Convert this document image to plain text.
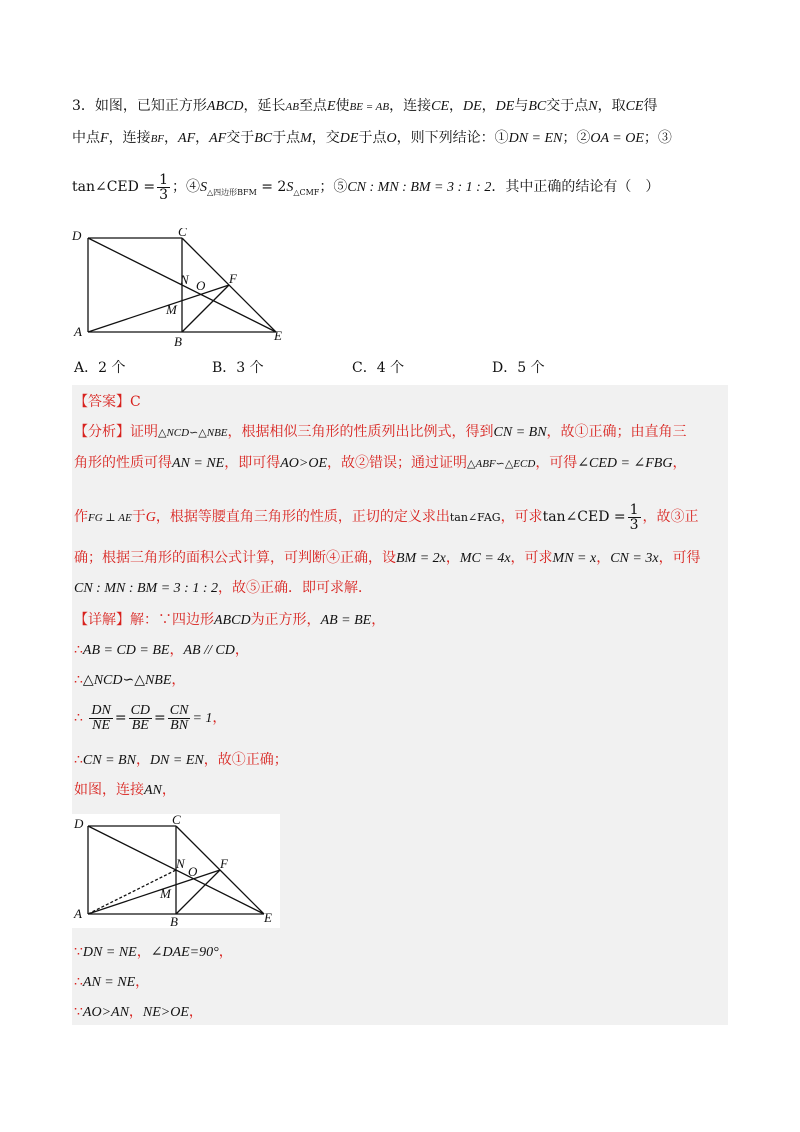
3．如图，已知正方形ABCD，延长AB至点E使BE = AB，连接CE，DE，DE与BC交于点N，取CE得
中点F，连接BF，AF，AF交于BC于点M，交DE于点O，则下列结论：①DN = EN；②OA = OE；③
tan∠CED = $\frac{1}{3}$ ；$④S_{\triangle 四边形BFM} = 2S_{\triangle CMF}$；⑤CN : MN : BM = 3 : 1 : 2．其中正确的结论有（　）
D	C
N O F
M
A
B	E
A．2 个	B．3 个	C．4 个	D．5 个
【答案】C
【分析】证明△NCD∽△NBE，根据相似三角形的性质列出比例式，得到CN = BN，故①正确；由直角三
角形的性质可得AN = NE，即可得AO>OE，故②错误；通过证明△ABF∽△ECD，可得∠CED = ∠FBG，
作FG ⊥ AE于G，根据等腰直角三角形的性质，正切的定义求出tan∠FAG，可求tan∠CED = $\frac{1}{3}$ ，故③正
确；根据三角形的面积公式计算，可判断④正确，设BM = 2x，MC = 4x，可求MN = x，CN = 3x，可得
CN : MN : BM = 3 : 1 : 2，故⑤正确．即可求解．
【详解】解：∵四边形ABCD为正方形，AB = BE，
∴AB = CD = BE，AB // CD，
∴△NCD∽△NBE，
∴ $\frac{DN}{NE} = \frac{CD}{BE} = \frac{CN}{BN} = 1$，
∴CN = BN，DN = EN，故①正确；
如图，连接AN，
D	C
N
O
F
M
A
B	E
∵DN = NE，∠DAE=90°，
∴AN = NE，
∵AO>AN，NE>OE，
